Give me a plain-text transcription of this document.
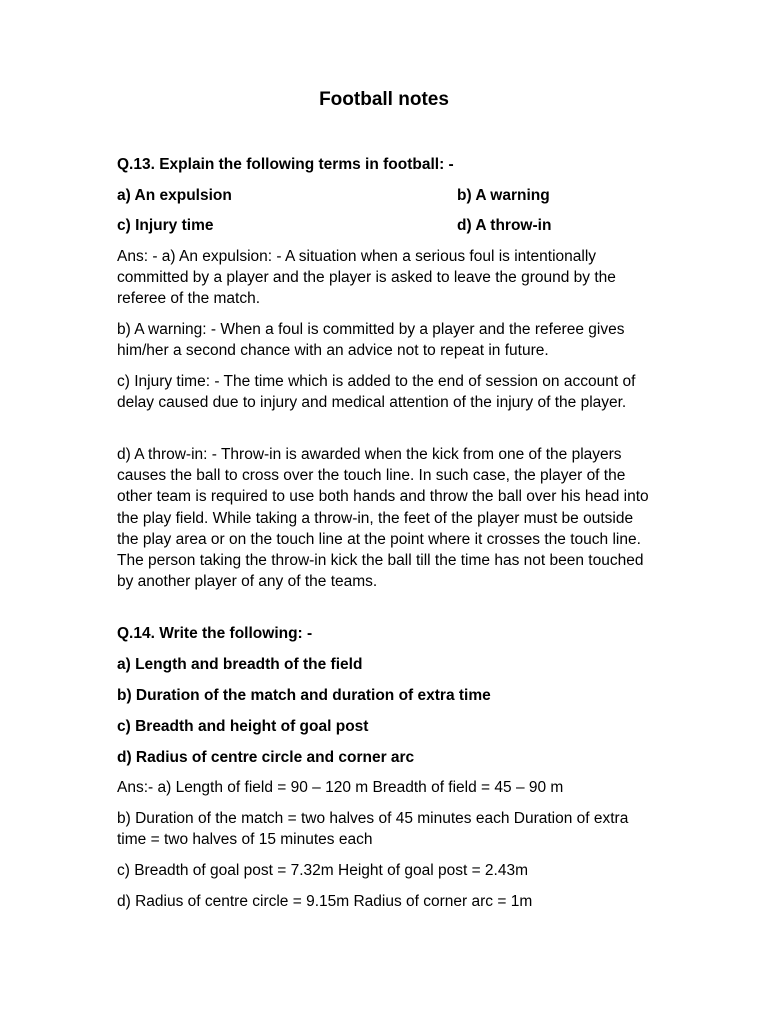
Football notes

Q.13. Explain the following terms in football: -

a) An expulsion	b) A warning

c) Injury time	d) A throw-in

Ans: - a) An expulsion: - A situation when a serious foul is intentionally committed by a player and the player is asked to leave the ground by the referee of the match.

b) A warning: - When a foul is committed by a player and the referee gives him/her a second chance with an advice not to repeat in future.

c) Injury time: - The time which is added to the end of session on account of delay caused due to injury and medical attention of the injury of the player.

d) A throw-in: - Throw-in is awarded when the kick from one of the players causes the ball to cross over the touch line. In such case, the player of the other team is required to use both hands and throw the ball over his head into the play field. While taking a throw-in, the feet of the player must be outside the play area or on the touch line at the point where it crosses the touch line. The person taking the throw-in kick the ball till the time has not been touched by another player of any of the teams.

Q.14. Write the following: -

a) Length and breadth of the field

b) Duration of the match and duration of extra time

c) Breadth and height of goal post

d) Radius of centre circle and corner arc

Ans:- a) Length of field = 90 – 120 m Breadth of field = 45 – 90 m

b) Duration of the match = two halves of 45 minutes each Duration of extra time = two halves of 15 minutes each

c) Breadth of goal post = 7.32m Height of goal post = 2.43m

d) Radius of centre circle = 9.15m Radius of corner arc = 1m
